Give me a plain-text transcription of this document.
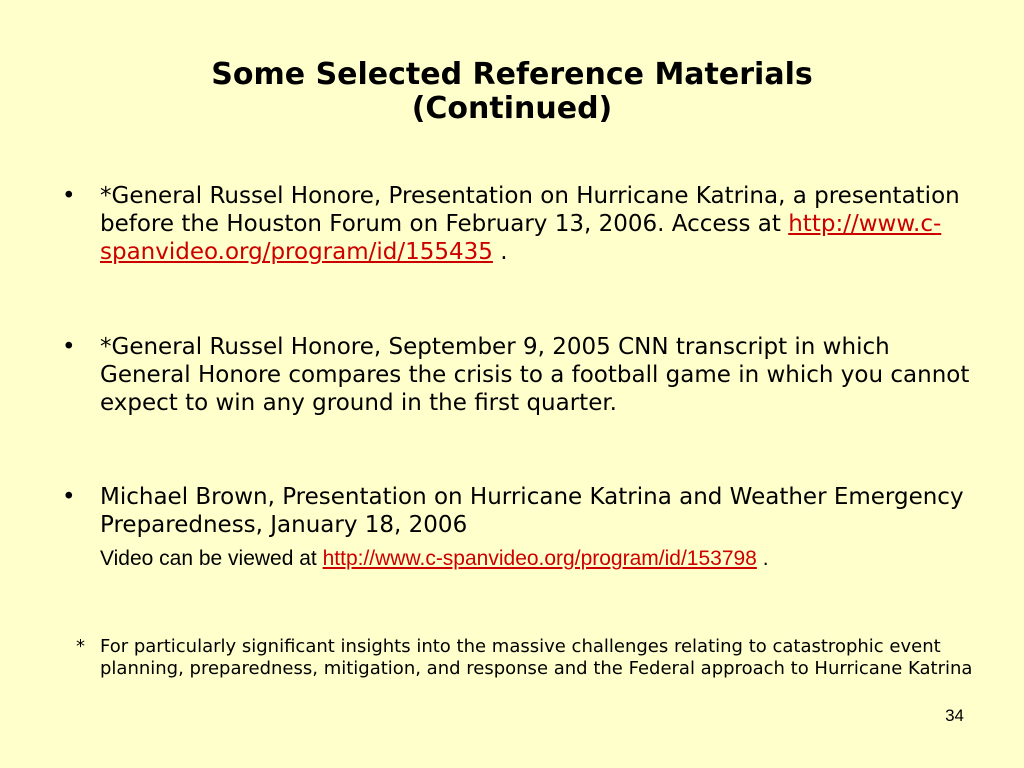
Some Selected Reference Materials
(Continued)
• *General Russel Honore, Presentation on Hurricane Katrina, a presentation before the Houston Forum on February 13, 2006. Access at http://www.c-spanvideo.org/program/id/155435 .
• *General Russel Honore, September 9, 2005 CNN transcript in which General Honore compares the crisis to a football game in which you cannot expect to win any ground in the first quarter.
• Michael Brown, Presentation on Hurricane Katrina and Weather Emergency Preparedness, January 18, 2006
Video can be viewed at http://www.c-spanvideo.org/program/id/153798 .
* For particularly significant insights into the massive challenges relating to catastrophic event planning, preparedness, mitigation, and response and the Federal approach to Hurricane Katrina
34
